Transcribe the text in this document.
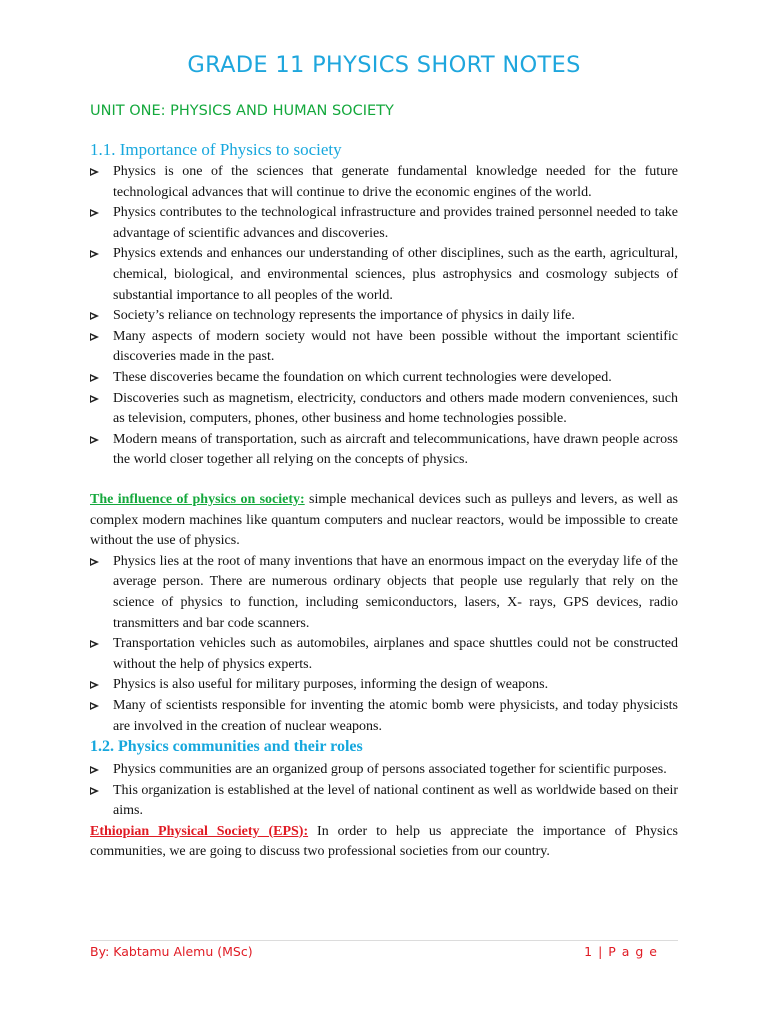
GRADE 11 PHYSICS SHORT NOTES
UNIT ONE: PHYSICS AND HUMAN SOCIETY
1.1. Importance of Physics to society
Physics is one of the sciences that generate fundamental knowledge needed for the future technological advances that will continue to drive the economic engines of the world.
Physics contributes to the technological infrastructure and provides trained personnel needed to take advantage of scientific advances and discoveries.
Physics extends and enhances our understanding of other disciplines, such as the earth, agricultural, chemical, biological, and environmental sciences, plus astrophysics and cosmology subjects of substantial importance to all peoples of the world.
Society’s reliance on technology represents the importance of physics in daily life.
Many aspects of modern society would not have been possible without the important scientific discoveries made in the past.
These discoveries became the foundation on which current technologies were developed.
Discoveries such as magnetism, electricity, conductors and others made modern conveniences, such as television, computers, phones, other business and home technologies possible.
Modern means of transportation, such as aircraft and telecommunications, have drawn people across the world closer together all relying on the concepts of physics.

The influence of physics on society: simple mechanical devices such as pulleys and levers, as well as complex modern machines like quantum computers and nuclear reactors, would be impossible to create without the use of physics.

Physics lies at the root of many inventions that have an enormous impact on the everyday life of the average person. There are numerous ordinary objects that people use regularly that rely on the science of physics to function, including semiconductors, lasers, X- rays, GPS devices, radio transmitters and bar code scanners.
Transportation vehicles such as automobiles, airplanes and space shuttles could not be constructed without the help of physics experts.
Physics is also useful for military purposes, informing the design of weapons.
Many of scientists responsible for inventing the atomic bomb were physicists, and today physicists are involved in the creation of nuclear weapons.
1.2. Physics communities and their roles
Physics communities are an organized group of persons associated together for scientific purposes.
This organization is established at the level of national continent as well as worldwide based on their aims.

Ethiopian Physical Society (EPS): In order to help us appreciate the importance of Physics communities, we are going to discuss two professional societies from our country.

By: Kabtamu Alemu (MSc)	1 | P a g e
